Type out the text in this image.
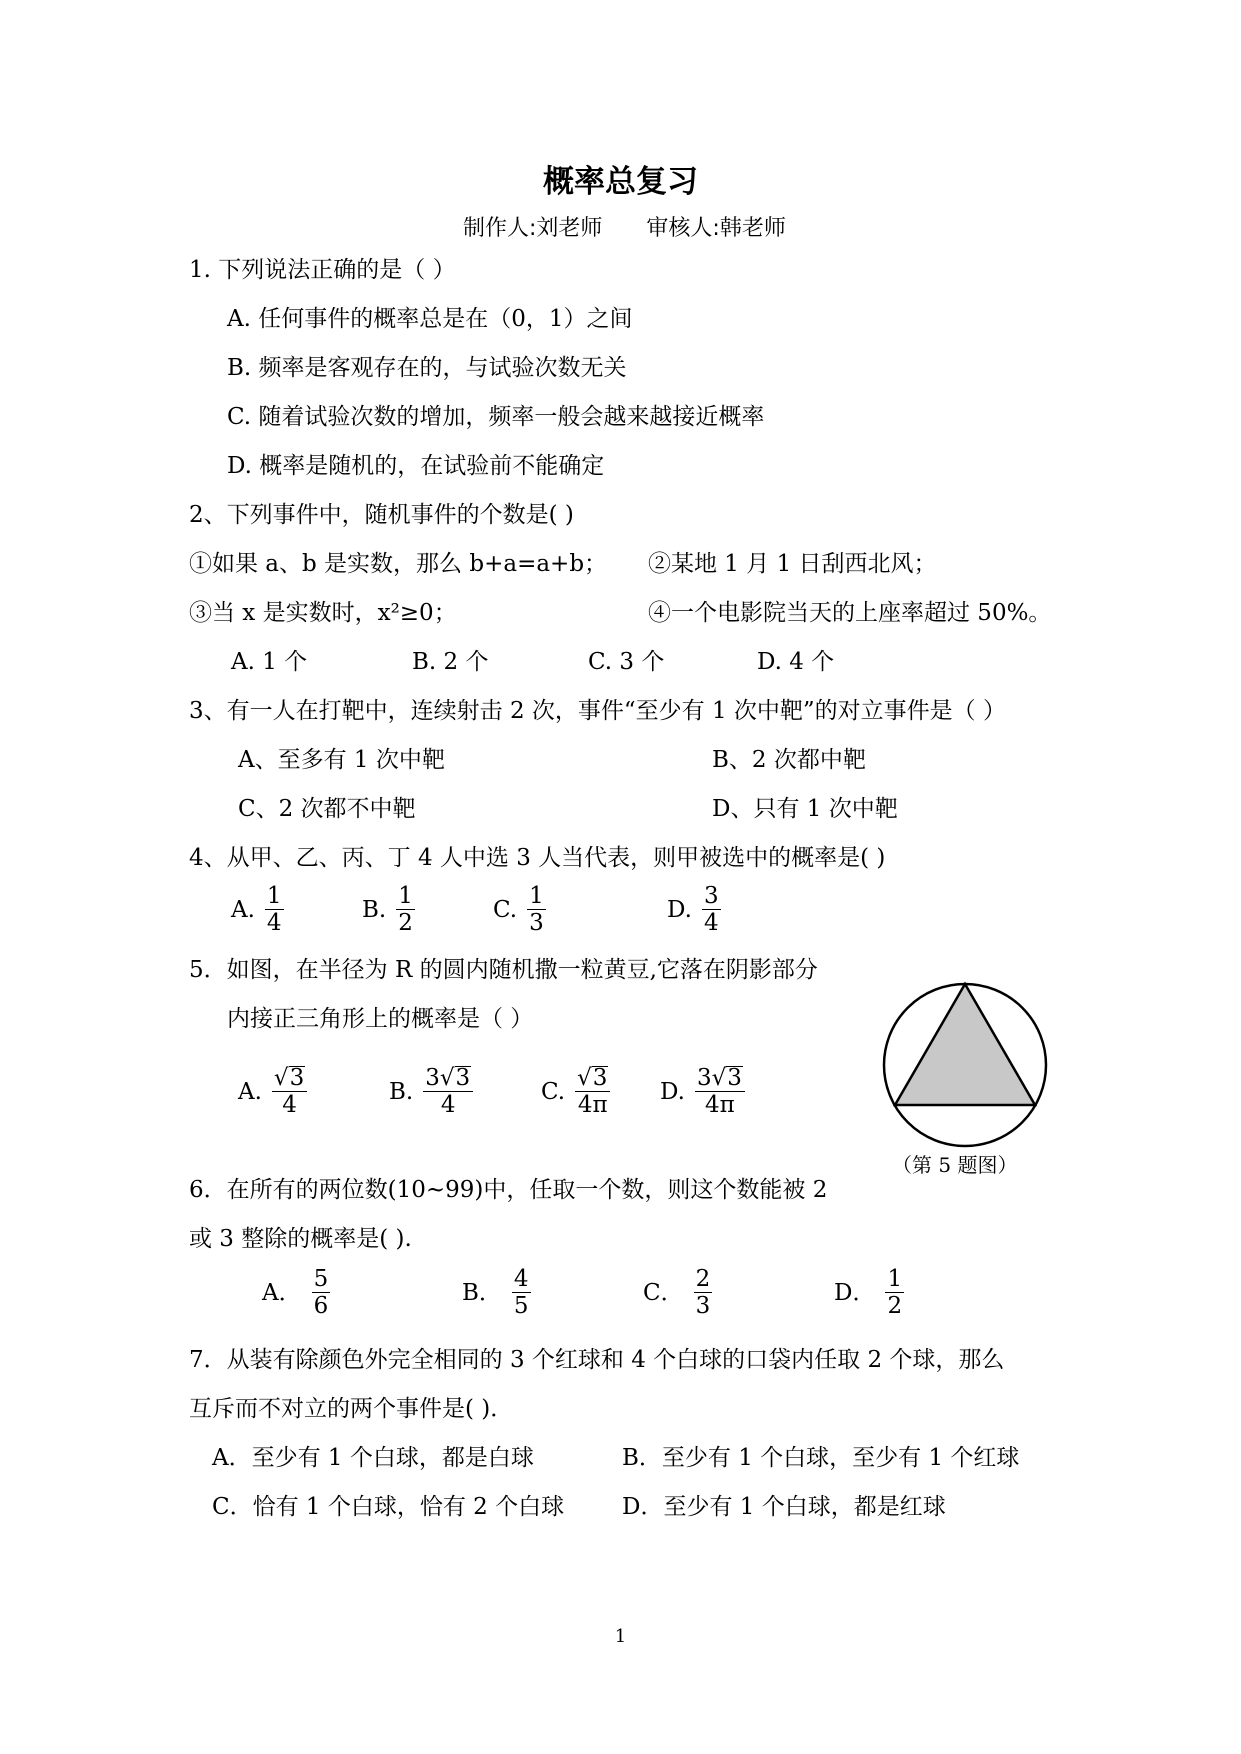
概率总复习
制作人:刘老师 审核人:韩老师
1. 下列说法正确的是（ ）
A. 任何事件的概率总是在（0，1）之间
B. 频率是客观存在的，与试验次数无关
C. 随着试验次数的增加，频率一般会越来越接近概率
D. 概率是随机的，在试验前不能确定
2、下列事件中，随机事件的个数是( )
①如果 a、b 是实数，那么 b+a=a+b； ②某地 1 月 1 日刮西北风；
③当 x 是实数时，x²≥0；	④一个电影院当天的上座率超过 50%。
A. 1 个	B. 2 个	C. 3 个	D. 4 个
3、有一人在打靶中，连续射击 2 次，事件“至少有 1 次中靶”的对立事件是（ ）
A、至多有 1 次中靶	B、2 次都中靶
C、2 次都不中靶	D、只有 1 次中靶
4、从甲、乙、丙、丁 4 人中选 3 人当代表，则甲被选中的概率是( )
A. $\frac{1}{4}$	B. $\frac{1}{2}$	C. $\frac{1}{3}$	D. $\frac{3}{4}$
5．如图，在半径为 R 的圆内随机撒一粒黄豆,它落在阴影部分
内接正三角形上的概率是（ ）
A. $\frac{√3}{4}$	B. $\frac{3√3}{4}$	C. $\frac{√3}{4\pi} D$. $\frac{3√3}{4\pi}$
（第 5 题图）
6．在所有的两位数(10~99)中，任取一个数，则这个数能被 2
或 3 整除的概率是( ).
A． $\frac{5}{6}$	B． $\frac{4}{5}$	C． $\frac{2}{3}$	D． $\frac{1}{2}$
7．从装有除颜色外完全相同的 3 个红球和 4 个白球的口袋内任取 2 个球，那么
互斥而不对立的两个事件是( )．
A．至少有 1 个白球，都是白球	B．至少有 1 个白球，至少有 1 个红球
C．恰有 1 个白球，恰有 2 个白球	D．至少有 1 个白球，都是红球
1
